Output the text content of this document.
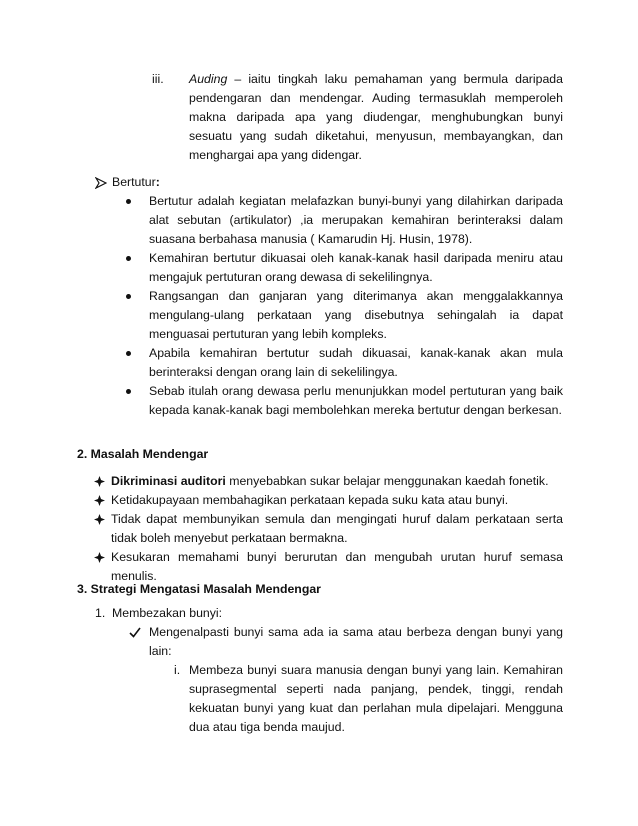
iii. Auding – iaitu tingkah laku pemahaman yang bermula daripada pendengaran dan mendengar. Auding termasuklah memperoleh makna daripada apa yang diudengar, menghubungkan bunyi sesuatu yang sudah diketahui, menyusun, membayangkan, dan menghargai apa yang didengar.
Bertutur:
Bertutur adalah kegiatan melafazkan bunyi-bunyi yang dilahirkan daripada alat sebutan (artikulator) ,ia merupakan kemahiran berinteraksi dalam suasana berbahasa manusia ( Kamarudin Hj. Husin, 1978).
Kemahiran bertutur dikuasai oleh kanak-kanak hasil daripada meniru atau mengajuk pertuturan orang dewasa di sekelilingnya.
Rangsangan dan ganjaran yang diterimanya akan menggalakkannya mengulang-ulang perkataan yang disebutnya sehingalah ia dapat menguasai pertuturan yang lebih kompleks.
Apabila kemahiran bertutur sudah dikuasai, kanak-kanak akan mula berinteraksi dengan orang lain di sekelilingya.
Sebab itulah orang dewasa perlu menunjukkan model pertuturan yang baik kepada kanak-kanak bagi membolehkan mereka bertutur dengan berkesan.
2. Masalah Mendengar
Dikriminasi auditori menyebabkan sukar belajar menggunakan kaedah fonetik.
Ketidakupayaan membahagikan perkataan kepada suku kata atau bunyi.
Tidak dapat membunyikan semula dan mengingati huruf dalam perkataan serta tidak boleh menyebut perkataan bermakna.
Kesukaran memahami bunyi berurutan dan mengubah urutan huruf semasa menulis.
3. Strategi Mengatasi Masalah Mendengar
1. Membezakan bunyi:
Mengenalpasti bunyi sama ada ia sama atau berbeza dengan bunyi yang lain:
i. Membeza bunyi suara manusia dengan bunyi yang lain. Kemahiran suprasegmental seperti nada panjang, pendek, tinggi, rendah kekuatan bunyi yang kuat dan perlahan mula dipelajari. Mengguna dua atau tiga benda maujud.
